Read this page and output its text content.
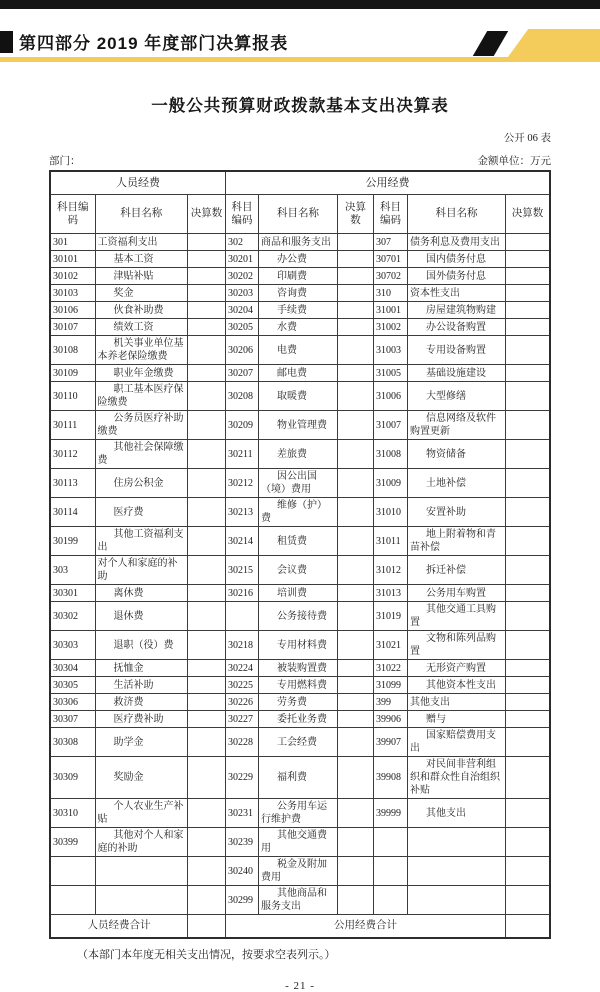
第四部分 2019 年度部门决算报表
一般公共预算财政拨款基本支出决算表
公开 06 表
部门：	金额单位：万元
人员经费			公用经费					
科目编码	科目名称	决算数	科目编码	科目名称	决算数	科目编码	科目名称	决算数
301	工资福利支出		302	商品和服务支出		307	债务利息及费用支出	
30101	基本工资		30201	办公费		30701	国内债务付息	
30102	津贴补贴		30202	印刷费		30702	国外债务付息	
30103	奖金		30203	咨询费		310	资本性支出	
30106	伙食补助费		30204	手续费		31001	房屋建筑物购建	
30107	绩效工资		30205	水费		31002	办公设备购置	
30108	机关事业单位基本养老保险缴费		30206	电费		31003	专用设备购置	
30109	职业年金缴费		30207	邮电费		31005	基础设施建设	
30110	职工基本医疗保险缴费		30208	取暖费		31006	大型修缮	
30111	公务员医疗补助缴费		30209	物业管理费		31007	信息网络及软件购置更新	
30112	其他社会保障缴费		30211	差旅费		31008	物资储备	
30113	住房公积金		30212	因公出国（境）费用		31009	土地补偿	
30114	医疗费		30213	维修（护）费		31010	安置补助	
30199	其他工资福利支出		30214	租赁费		31011	地上附着物和青苗补偿	
303	对个人和家庭的补助		30215	会议费		31012	拆迁补偿	
30301	离休费		30216	培训费		31013	公务用车购置	
30302	退休费			公务接待费		31019	其他交通工具购置	
30303	退职（役）费		30218	专用材料费		31021	文物和陈列品购置	
30304	抚恤金		30224	被装购置费		31022	无形资产购置	
30305	生活补助		30225	专用燃料费		31099	其他资本性支出	
30306	救济费		30226	劳务费		399	其他支出	
30307	医疗费补助		30227	委托业务费		39906	赠与	
30308	助学金		30228	工会经费		39907	国家赔偿费用支出	
30309	奖励金		30229	福利费		39908	对民间非营利组织和群众性自治组织补贴	
30310	个人农业生产补贴		30231	公务用车运行维护费		39999	其他支出	
30399	其他对个人和家庭的补助		30239	其他交通费用				
			30240	税金及附加费用				
			30299	其他商品和服务支出				
人员经费合计			公用经费合计					
（本部门本年度无相关支出情况，按要求空表列示。）
- 21 -
